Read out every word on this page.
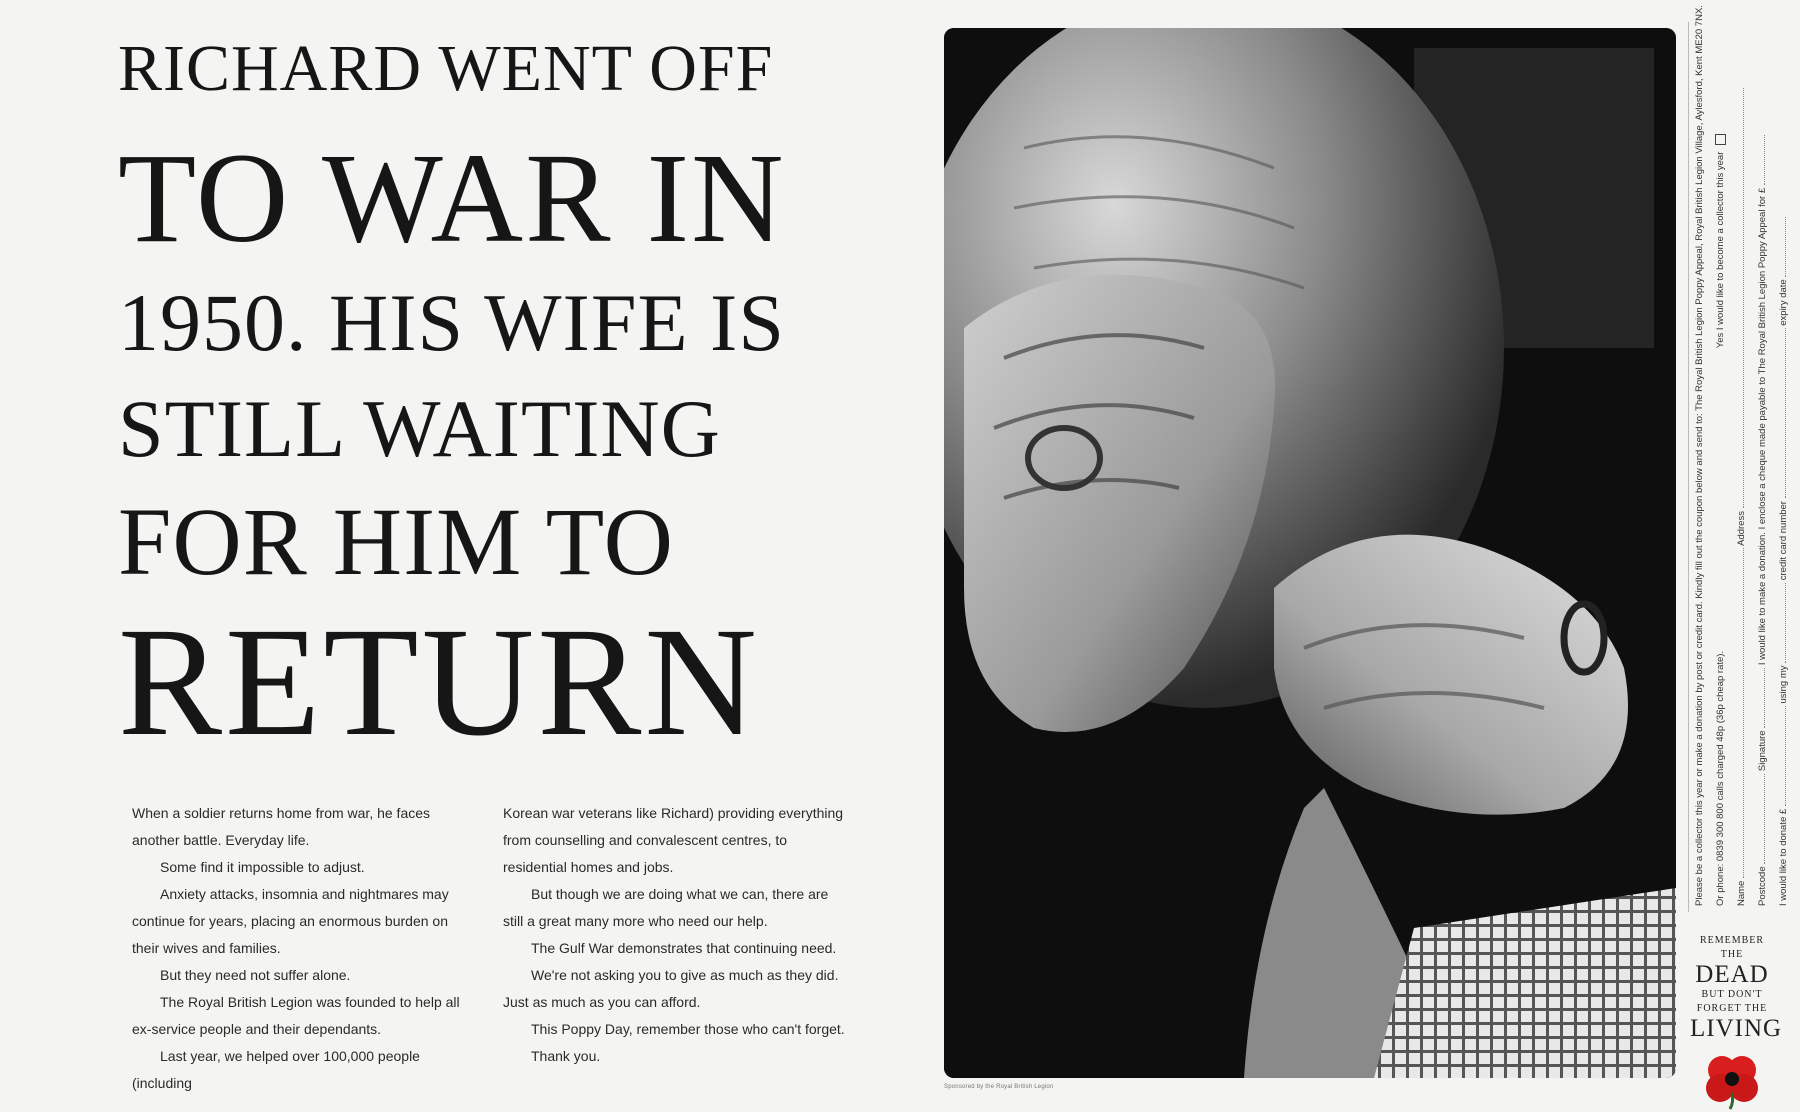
RICHARD WENT OFF
TO WAR IN
1950. HIS WIFE IS
STILL WAITING
FOR HIM TO
RETURN

When a soldier returns home from war, he faces another battle. Everyday life.

Some find it impossible to adjust.

Anxiety attacks, insomnia and nightmares may continue for years, placing an enormous burden on their wives and families.

But they need not suffer alone.

The Royal British Legion was founded to help all ex-service people and their dependants.

Last year, we helped over 100,000 people (including

Korean war veterans like Richard) providing everything from counselling and convalescent centres, to residential homes and jobs.

But though we are doing what we can, there are still a great many more who need our help.

The Gulf War demonstrates that continuing need.

We're not asking you to give as much as they did. Just as much as you can afford.

This Poppy Day, remember those who can't forget.

Thank you.

Sponsored by the Royal British Legion
Please be a collector this year or make a donation by post or credit card. Kindly fill out the coupon below and send to: The Royal British Legion Poppy Appeal, Royal British Legion Village, Aylesford, Kent ME20 7NX.	Or phone: 0839 300 800 calls charged 48p (36p cheap rate). Yes I would like to become a collector this year
Name  Address
Postcode  Signature  I would like to make a donation. I enclose a cheque made payable to The Royal British Legion Poppy Appeal for £
I would like to donate £  using my  credit card number  expiry date
REMEMBER THE
DEAD
BUT DON'T
FORGET THE
LIVING
